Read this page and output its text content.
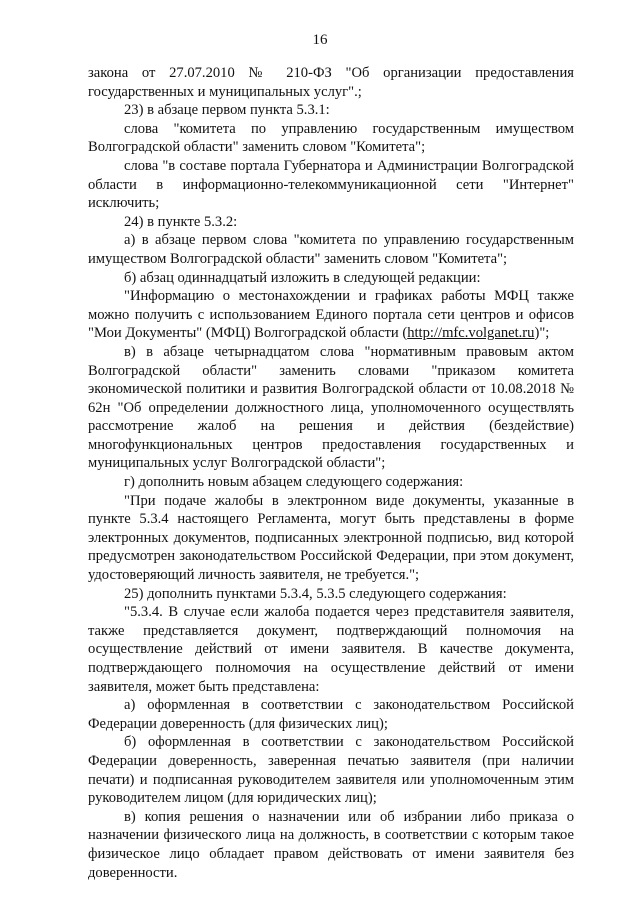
16

закона от 27.07.2010 № 210-ФЗ "Об организации предоставления государственных и муниципальных услуг".;

23) в абзаце первом пункта 5.3.1:

слова "комитета по управлению государственным имуществом Волгоградской области" заменить словом "Комитета";

слова "в составе портала Губернатора и Администрации Волгоградской области в информационно-телекоммуникационной сети "Интернет" исключить;

24) в пункте 5.3.2:

а) в абзаце первом слова "комитета по управлению государственным имуществом Волгоградской области" заменить словом "Комитета";

б) абзац одиннадцатый изложить в следующей редакции:

"Информацию о местонахождении и графиках работы МФЦ также можно получить с использованием Единого портала сети центров и офисов "Мои Документы" (МФЦ) Волгоградской области (http://mfc.volganet.ru)";

в) в абзаце четырнадцатом слова "нормативным правовым актом Волгоградской области" заменить словами "приказом комитета экономической политики и развития Волгоградской области от 10.08.2018 № 62н "Об определении должностного лица, уполномоченного осуществлять рассмотрение жалоб на решения и действия (бездействие) многофункциональных центров предоставления государственных и муниципальных услуг Волгоградской области";

г) дополнить новым абзацем следующего содержания:

"При подаче жалобы в электронном виде документы, указанные в пункте 5.3.4 настоящего Регламента, могут быть представлены в форме электронных документов, подписанных электронной подписью, вид которой предусмотрен законодательством Российской Федерации, при этом документ, удостоверяющий личность заявителя, не требуется.";

25) дополнить пунктами 5.3.4, 5.3.5 следующего содержания:

"5.3.4. В случае если жалоба подается через представителя заявителя, также представляется документ, подтверждающий полномочия на осуществление действий от имени заявителя. В качестве документа, подтверждающего полномочия на осуществление действий от имени заявителя, может быть представлена:

а) оформленная в соответствии с законодательством Российской Федерации доверенность (для физических лиц);

б) оформленная в соответствии с законодательством Российской Федерации доверенность, заверенная печатью заявителя (при наличии печати) и подписанная руководителем заявителя или уполномоченным этим руководителем лицом (для юридических лиц);

в) копия решения о назначении или об избрании либо приказа о назначении физического лица на должность, в соответствии с которым такое физическое лицо обладает правом действовать от имени заявителя без доверенности.
